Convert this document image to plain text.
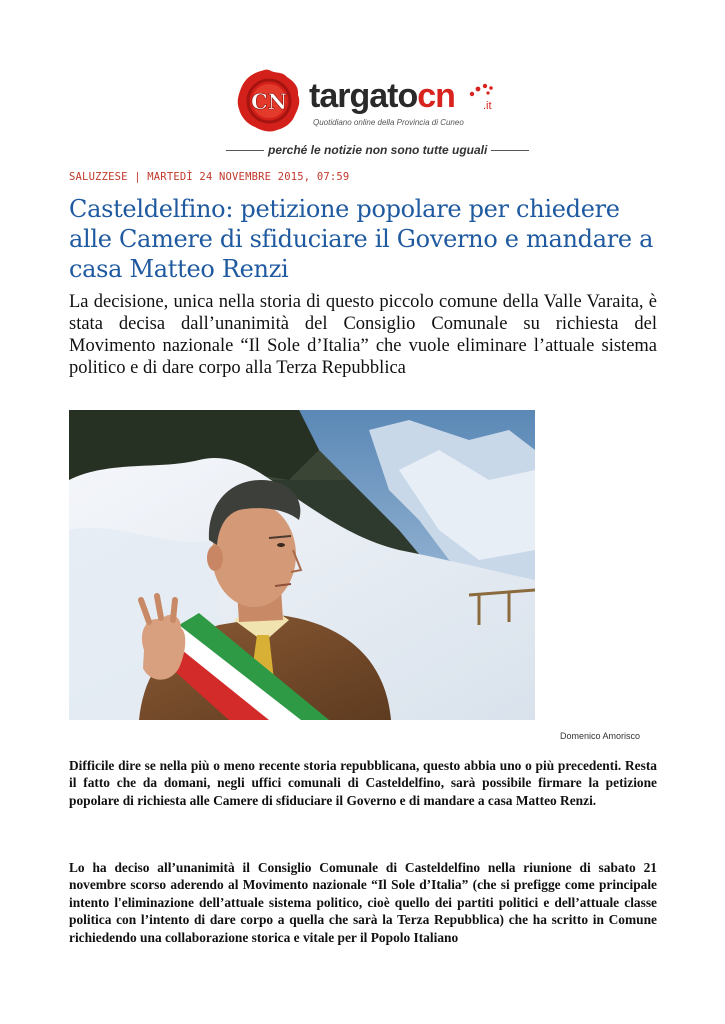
CN targatocn	.it
Quotidiano online della Provincia di Cuneo
perché le notizie non sono tutte uguali
SALUZZESE | MARTEDÌ 24 NOVEMBRE 2015, 07:59
Casteldelfino: petizione popolare per chiedere alle Camere di sfiduciare il Governo e mandare a casa Matteo Renzi

La decisione, unica nella storia di questo piccolo comune della Valle Varaita, è stata decisa dall’unanimità del Consiglio Comunale su richiesta del Movimento nazionale “Il Sole d’Italia” che vuole eliminare l’attuale sistema politico e di dare corpo alla Terza Repubblica

Domenico Amorisco

Difficile dire se nella più o meno recente storia repubblicana, questo abbia uno o più precedenti. Resta il fatto che da domani, negli uffici comunali di Casteldelfino, sarà possibile firmare la petizione popolare di richiesta alle Camere di sfiduciare il Governo e di mandare a casa Matteo Renzi.

Lo ha deciso all’unanimità il Consiglio Comunale di Casteldelfino nella riunione di sabato 21 novembre scorso aderendo al Movimento nazionale “Il Sole d’Italia” (che si prefigge come principale intento l'eliminazione dell’attuale sistema politico, cioè quello dei partiti politici e dell’attuale classe politica con l’intento di dare corpo a quella che sarà la Terza Repubblica) che ha scritto in Comune richiedendo una collaborazione storica e vitale per il Popolo Italiano
